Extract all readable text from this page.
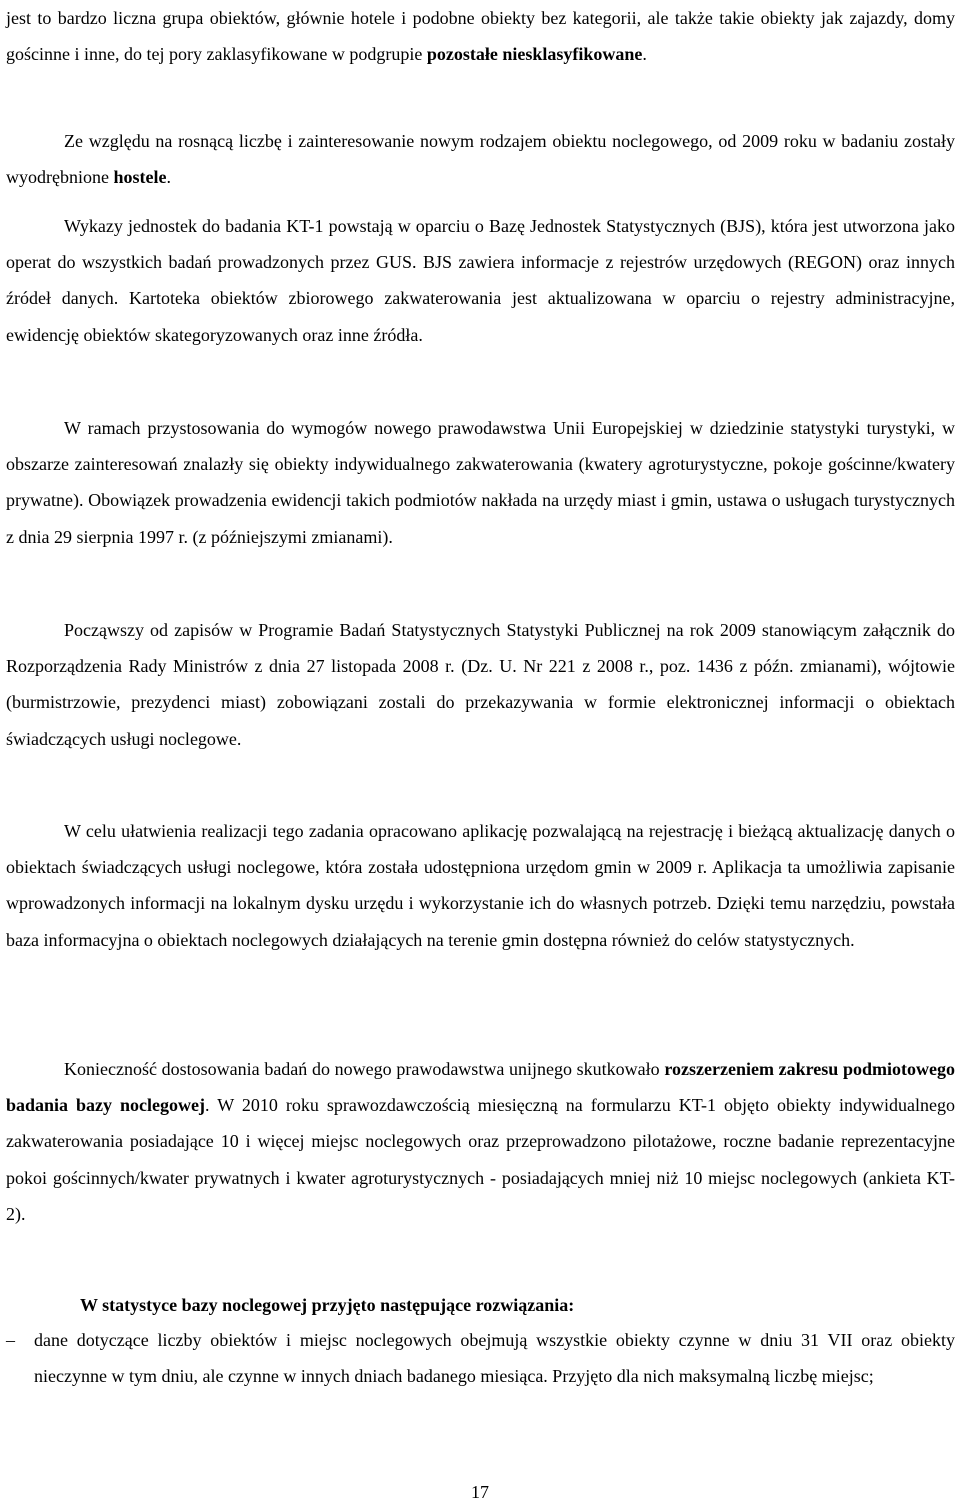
jest to bardzo liczna grupa obiektów, głównie hotele i podobne obiekty bez kategorii, ale także takie obiekty jak zajazdy, domy gościnne i inne, do tej pory zaklasyfikowane w podgrupie pozostałe niesklasyfikowane.

Ze względu na rosnącą liczbę i zainteresowanie nowym rodzajem obiektu noclegowego, od 2009 roku w badaniu zostały wyodrębnione hostele.

Wykazy jednostek do badania KT-1 powstają w oparciu o Bazę Jednostek Statystycznych (BJS), która jest utworzona jako operat do wszystkich badań prowadzonych przez GUS. BJS zawiera informacje z rejestrów urzędowych (REGON) oraz innych źródeł danych. Kartoteka obiektów zbiorowego zakwaterowania jest aktualizowana w oparciu o rejestry administracyjne, ewidencję obiektów skategoryzowanych oraz inne źródła.

W ramach przystosowania do wymogów nowego prawodawstwa Unii Europejskiej w dziedzinie statystyki turystyki, w obszarze zainteresowań znalazły się obiekty indywidualnego zakwaterowania (kwatery agroturystyczne, pokoje gościnne/kwatery prywatne). Obowiązek prowadzenia ewidencji takich podmiotów nakłada na urzędy miast i gmin, ustawa o usługach turystycznych z dnia 29 sierpnia 1997 r. (z późniejszymi zmianami).

Począwszy od zapisów w Programie Badań Statystycznych Statystyki Publicznej na rok 2009 stanowiącym załącznik do Rozporządzenia Rady Ministrów z dnia 27 listopada 2008 r. (Dz. U. Nr 221 z 2008 r., poz. 1436 z późn. zmianami), wójtowie (burmistrzowie, prezydenci miast) zobowiązani zostali do przekazywania w formie elektronicznej informacji o obiektach świadczących usługi noclegowe.

W celu ułatwienia realizacji tego zadania opracowano aplikację pozwalającą na rejestrację i bieżącą aktualizację danych o obiektach świadczących usługi noclegowe, która została udostępniona urzędom gmin w 2009 r. Aplikacja ta umożliwia zapisanie wprowadzonych informacji na lokalnym dysku urzędu i wykorzystanie ich do własnych potrzeb. Dzięki temu narzędziu, powstała baza informacyjna o obiektach noclegowych działających na terenie gmin dostępna również do celów statystycznych.

Konieczność dostosowania badań do nowego prawodawstwa unijnego skutkowało rozszerzeniem zakresu podmiotowego badania bazy noclegowej. W 2010 roku sprawozdawczością miesięczną na formularzu KT-1 objęto obiekty indywidualnego zakwaterowania posiadające 10 i więcej miejsc noclegowych oraz przeprowadzono pilotażowe, roczne badanie reprezentacyjne pokoi gościnnych/kwater prywatnych i kwater agroturystycznych - posiadających mniej niż 10 miejsc noclegowych (ankieta KT-2).

W statystyce bazy noclegowej przyjęto następujące rozwiązania:

–	dane dotyczące liczby obiektów i miejsc noclegowych obejmują wszystkie obiekty czynne w dniu 31 VII oraz obiekty nieczynne w tym dniu, ale czynne w innych dniach badanego miesiąca. Przyjęto dla nich maksymalną liczbę miejsc;
17
